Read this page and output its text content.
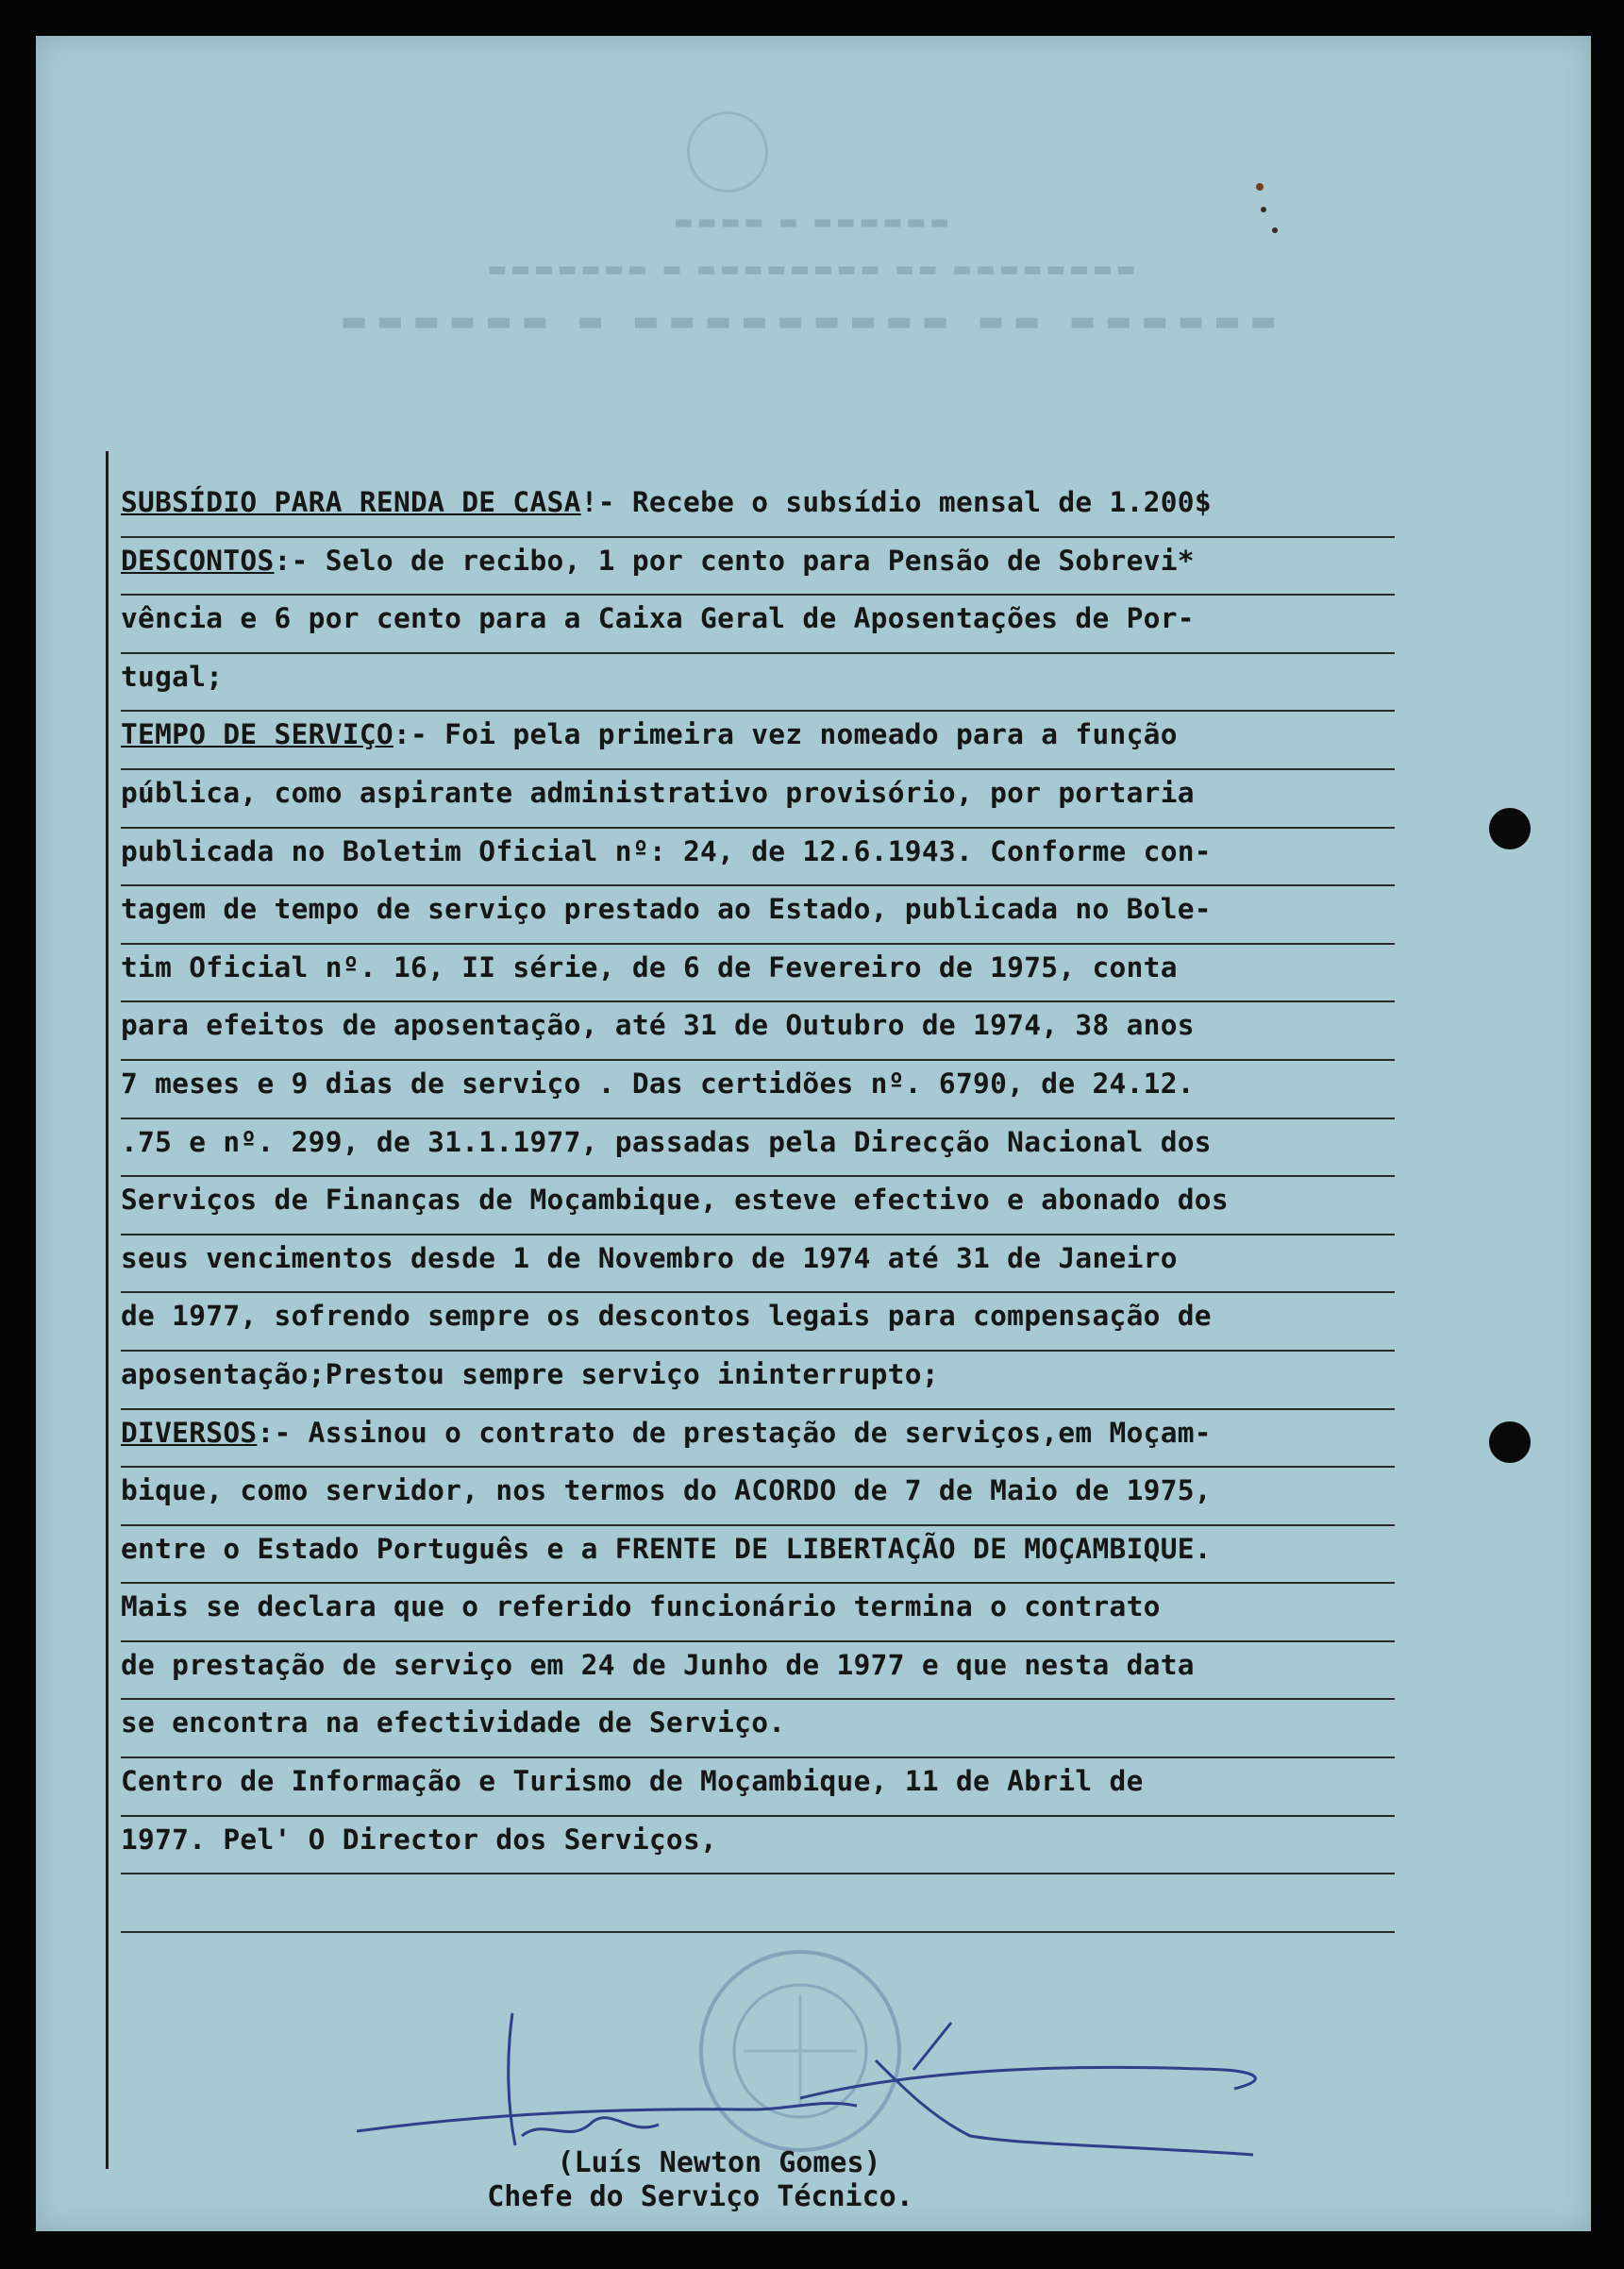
▬▬▬▬ ▬ ▬▬▬▬▬▬
▬▬▬▬▬▬▬ ▬ ▬▬▬▬▬▬▬▬ ▬▬ ▬▬▬▬▬▬▬▬
▬▬▬▬▬▬ ▬ ▬▬▬▬▬▬▬▬▬ ▬▬ ▬▬▬▬▬▬
SUBSÍDIO PARA RENDA DE CASA!- Recebe o subsídio mensal de 1.200$
DESCONTOS:- Selo de recibo, 1 por cento para Pensão de Sobrevi*
vência e 6 por cento para a Caixa Geral de Aposentações de Por-
tugal;
TEMPO DE SERVIÇO:- Foi pela primeira vez nomeado para a função
pública, como aspirante administrativo provisório, por portaria
publicada no Boletim Oficial nº: 24, de 12.6.1943. Conforme con-
tagem de tempo de serviço prestado ao Estado, publicada no Bole-
tim Oficial nº. 16, II série, de 6 de Fevereiro de 1975, conta
para efeitos de aposentação, até 31 de Outubro de 1974, 38 anos
7 meses e 9 dias de serviço . Das certidões nº. 6790, de 24.12.
.75 e nº. 299, de 31.1.1977, passadas pela Direcção Nacional dos
Serviços de Finanças de Moçambique, esteve efectivo e abonado dos
seus vencimentos desde 1 de Novembro de 1974 até 31 de Janeiro
de 1977, sofrendo sempre os descontos legais para compensação de
aposentação;Prestou sempre serviço ininterrupto;
DIVERSOS:- Assinou o contrato de prestação de serviços,em Moçam-
bique, como servidor, nos termos do ACORDO de 7 de Maio de 1975,
entre o Estado Português e a FRENTE DE LIBERTAÇÃO DE MOÇAMBIQUE.
Mais se declara que o referido funcionário termina o contrato
de prestação de serviço em 24 de Junho de 1977 e que nesta data
se encontra na efectividade de Serviço.
Centro de Informação e Turismo de Moçambique, 11 de Abril de
1977. Pel' O Director dos Serviços,
(Luís Newton Gomes)
Chefe do Serviço Técnico.
